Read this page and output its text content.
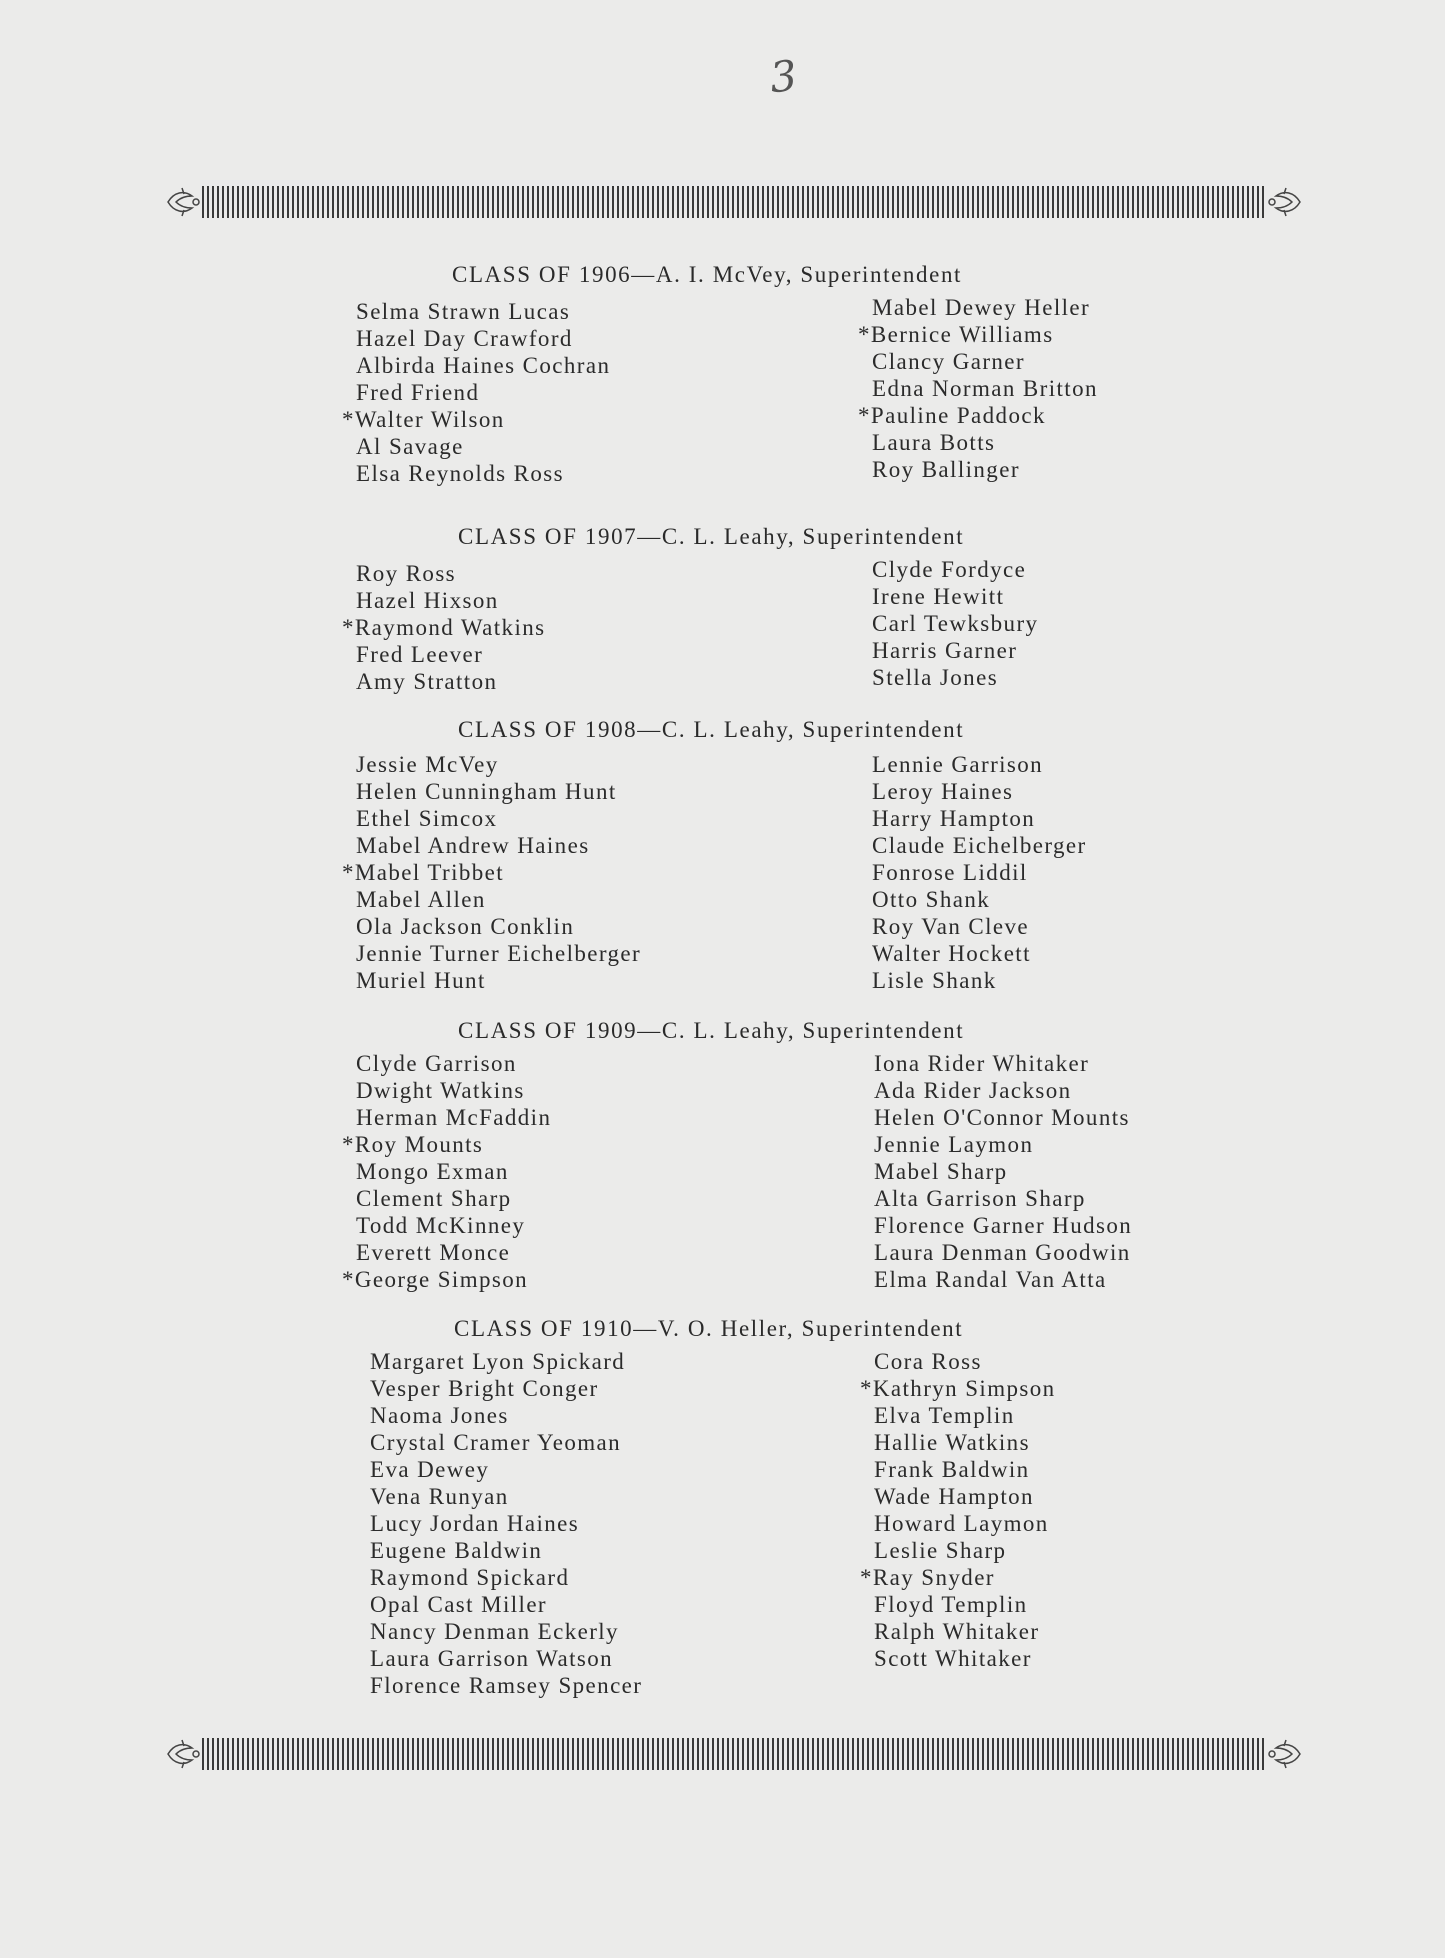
3
CLASS OF 1906—A. I. McVey, Superintendent
Selma Strawn Lucas
Hazel Day Crawford
Albirda Haines Cochran
Fred Friend
*Walter Wilson
Al Savage
Elsa Reynolds Ross
Mabel Dewey Heller
*Bernice Williams
Clancy Garner
Edna Norman Britton
*Pauline Paddock
Laura Botts
Roy Ballinger
CLASS OF 1907—C. L. Leahy, Superintendent
Roy Ross
Hazel Hixson
*Raymond Watkins
Fred Leever
Amy Stratton
Clyde Fordyce
Irene Hewitt
Carl Tewksbury
Harris Garner
Stella Jones
CLASS OF 1908—C. L. Leahy, Superintendent
Jessie McVey
Helen Cunningham Hunt
Ethel Simcox
Mabel Andrew Haines
*Mabel Tribbet
Mabel Allen
Ola Jackson Conklin
Jennie Turner Eichelberger
Muriel Hunt
Lennie Garrison
Leroy Haines
Harry Hampton
Claude Eichelberger
Fonrose Liddil
Otto Shank
Roy Van Cleve
Walter Hockett
Lisle Shank
CLASS OF 1909—C. L. Leahy, Superintendent
Clyde Garrison
Dwight Watkins
Herman McFaddin
*Roy Mounts
Mongo Exman
Clement Sharp
Todd McKinney
Everett Monce
*George Simpson
Iona Rider Whitaker
Ada Rider Jackson
Helen O'Connor Mounts
Jennie Laymon
Mabel Sharp
Alta Garrison Sharp
Florence Garner Hudson
Laura Denman Goodwin
Elma Randal Van Atta
CLASS OF 1910—V. O. Heller, Superintendent
Margaret Lyon Spickard
Vesper Bright Conger
Naoma Jones
Crystal Cramer Yeoman
Eva Dewey
Vena Runyan
Lucy Jordan Haines
Eugene Baldwin
Raymond Spickard
Opal Cast Miller
Nancy Denman Eckerly
Laura Garrison Watson
Florence Ramsey Spencer
Cora Ross
*Kathryn Simpson
Elva Templin
Hallie Watkins
Frank Baldwin
Wade Hampton
Howard Laymon
Leslie Sharp
*Ray Snyder
Floyd Templin
Ralph Whitaker
Scott Whitaker
